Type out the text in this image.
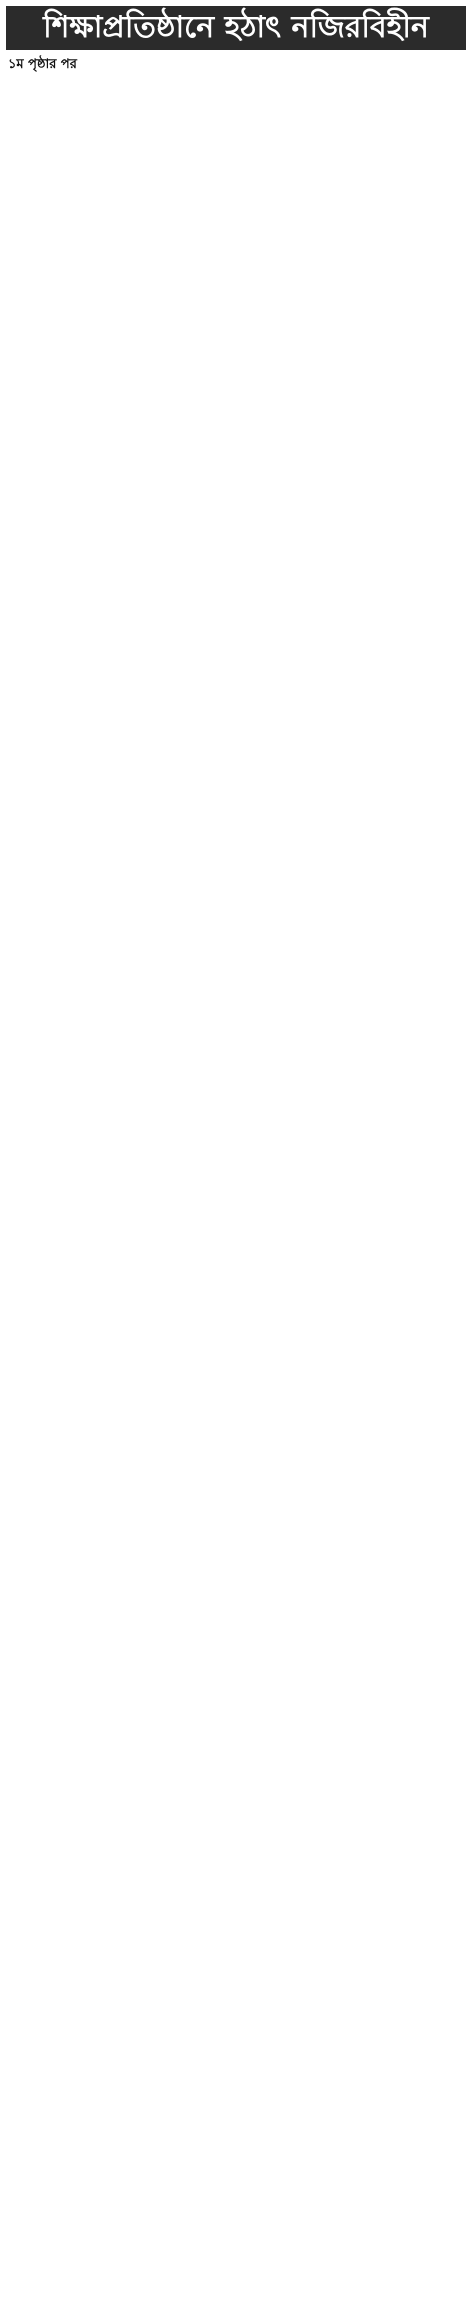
শিক্ষাপ্রতিষ্ঠানে হঠাৎ নজিরবিহীন
১ম পৃষ্ঠার পর
